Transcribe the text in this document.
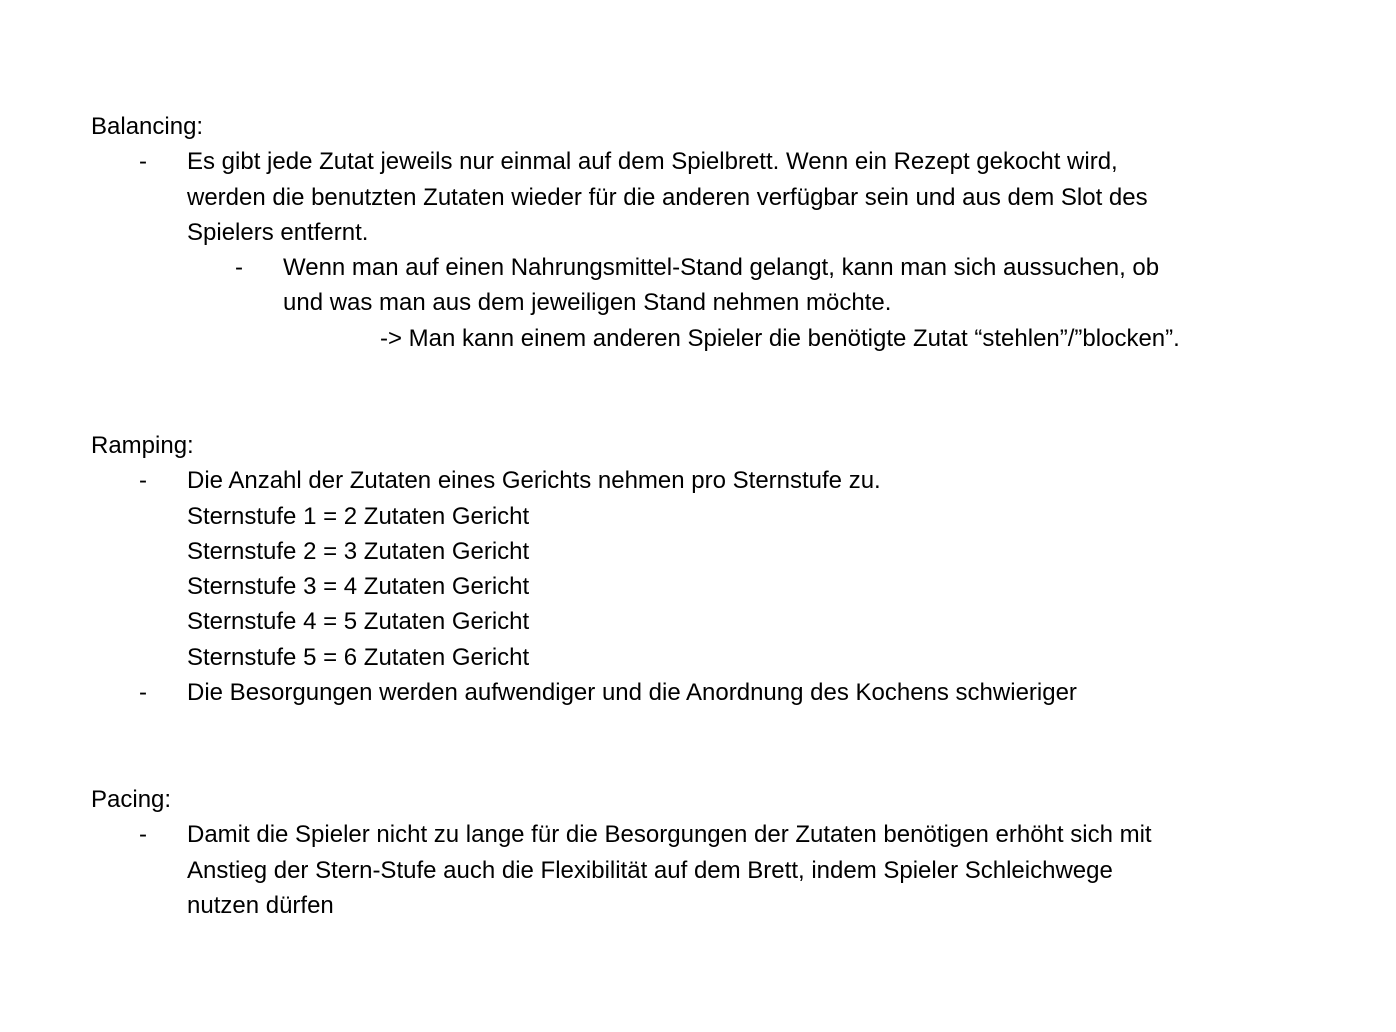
Balancing:
-	Es gibt jede Zutat jeweils nur einmal auf dem Spielbrett. Wenn ein Rezept gekocht wird,
werden die benutzten Zutaten wieder für die anderen verfügbar sein und aus dem Slot des
Spielers entfernt.
-	Wenn man auf einen Nahrungsmittel-Stand gelangt, kann man sich aussuchen, ob
und was man aus dem jeweiligen Stand nehmen möchte.
-> Man kann einem anderen Spieler die benötigte Zutat “stehlen”/”blocken”.
Ramping:
-	Die Anzahl der Zutaten eines Gerichts nehmen pro Sternstufe zu.
Sternstufe 1 = 2 Zutaten Gericht
Sternstufe 2 = 3 Zutaten Gericht
Sternstufe 3 = 4 Zutaten Gericht
Sternstufe 4 = 5 Zutaten Gericht
Sternstufe 5 = 6 Zutaten Gericht
-	Die Besorgungen werden aufwendiger und die Anordnung des Kochens schwieriger
Pacing:
-	Damit die Spieler nicht zu lange für die Besorgungen der Zutaten benötigen erhöht sich mit
Anstieg der Stern-Stufe auch die Flexibilität auf dem Brett, indem Spieler Schleichwege
nutzen dürfen
